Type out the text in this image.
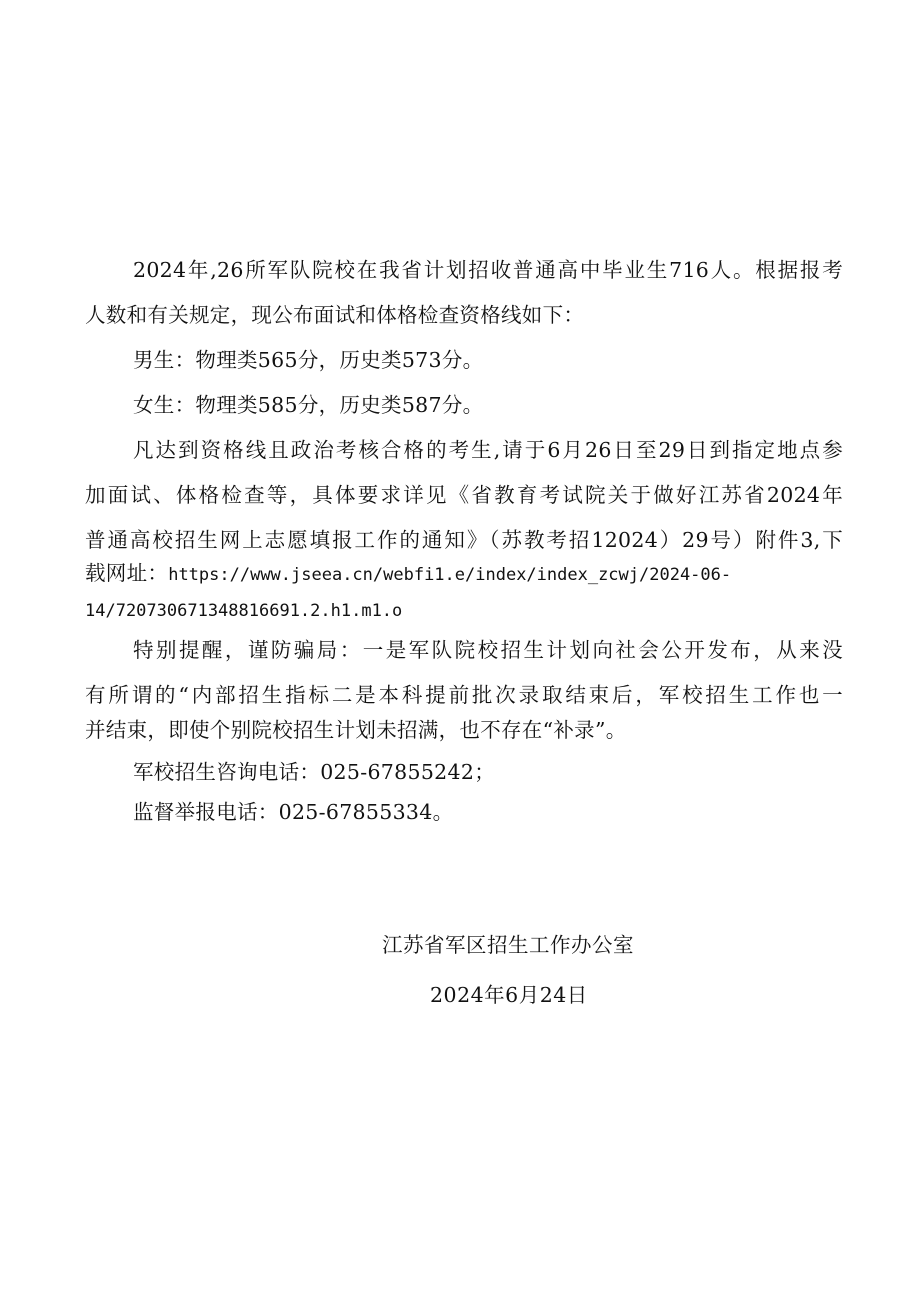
2024年,26所军队院校在我省计划招收普通高中毕业生716人。根据报考
人数和有关规定，现公布面试和体格检查资格线如下：
男生：物理类565分，历史类573分。
女生：物理类585分，历史类587分。
凡达到资格线且政治考核合格的考生,请于6月26日至29日到指定地点参
加面试、体格检查等，具体要求详见《省教育考试院关于做好江苏省2024年
普通高校招生网上志愿填报工作的通知》（苏教考招12024）29号）附件3,下
载网址：https://www.jseea.cn/webfi1.e/index/index_zcwj/2024-06-
14/720730671348816691.2.h1.m1.o
特别提醒，谨防骗局：一是军队院校招生计划向社会公开发布，从来没
有所谓的“内部招生指标二是本科提前批次录取结束后，军校招生工作也一
并结束，即使个别院校招生计划未招满，也不存在“补录”。
军校招生咨询电话：025-67855242；
监督举报电话：025-67855334。
江苏省军区招生工作办公室
2024年6月24日
